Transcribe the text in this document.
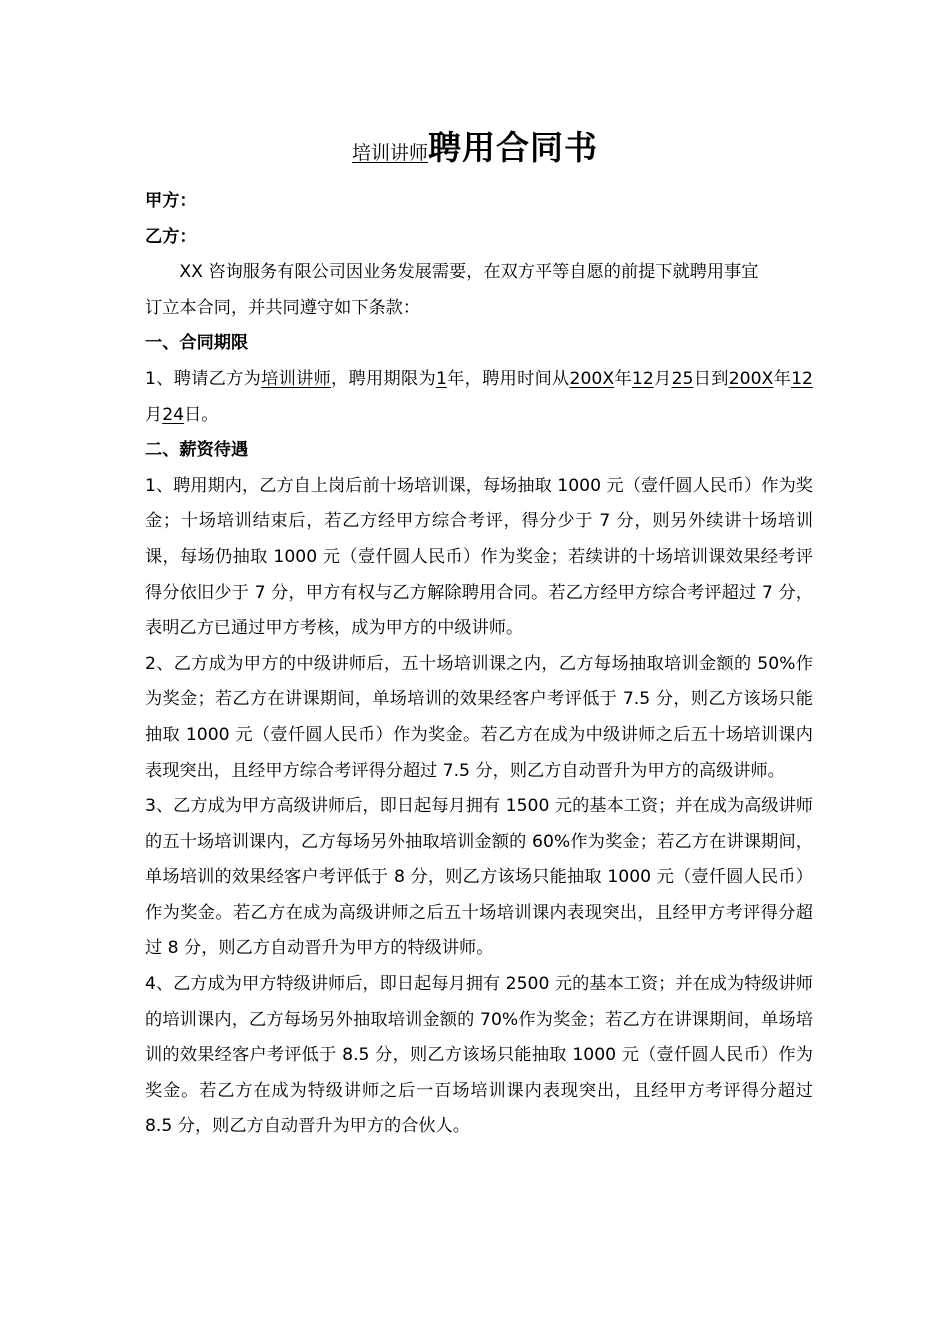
培训讲师聘用合同书

甲方：

乙方：

XX 咨询服务有限公司因业务发展需要，在双方平等自愿的前提下就聘用事宜

订立本合同，并共同遵守如下条款：

一、合同期限

1、聘请乙方为培训讲师，聘用期限为1年，聘用时间从200X年12月25日到200X年12月24日。

二、薪资待遇

1、聘用期内，乙方自上岗后前十场培训课，每场抽取 1000 元（壹仟圆人民币）作为奖金；十场培训结束后，若乙方经甲方综合考评，得分少于 7 分，则另外续讲十场培训课，每场仍抽取 1000 元（壹仟圆人民币）作为奖金；若续讲的十场培训课效果经考评得分依旧少于 7 分，甲方有权与乙方解除聘用合同。若乙方经甲方综合考评超过 7 分，表明乙方已通过甲方考核，成为甲方的中级讲师。

2、乙方成为甲方的中级讲师后，五十场培训课之内，乙方每场抽取培训金额的 50%作为奖金；若乙方在讲课期间，单场培训的效果经客户考评低于 7.5 分，则乙方该场只能抽取 1000 元（壹仟圆人民币）作为奖金。若乙方在成为中级讲师之后五十场培训课内表现突出，且经甲方综合考评得分超过 7.5 分，则乙方自动晋升为甲方的高级讲师。

3、乙方成为甲方高级讲师后，即日起每月拥有 1500 元的基本工资；并在成为高级讲师的五十场培训课内，乙方每场另外抽取培训金额的 60%作为奖金；若乙方在讲课期间，单场培训的效果经客户考评低于 8 分，则乙方该场只能抽取 1000 元（壹仟圆人民币）作为奖金。若乙方在成为高级讲师之后五十场培训课内表现突出，且经甲方考评得分超过 8 分，则乙方自动晋升为甲方的特级讲师。

4、乙方成为甲方特级讲师后，即日起每月拥有 2500 元的基本工资；并在成为特级讲师的培训课内，乙方每场另外抽取培训金额的 70%作为奖金；若乙方在讲课期间，单场培训的效果经客户考评低于 8.5 分，则乙方该场只能抽取 1000 元（壹仟圆人民币）作为奖金。若乙方在成为特级讲师之后一百场培训课内表现突出，且经甲方考评得分超过 8.5 分，则乙方自动晋升为甲方的合伙人。
